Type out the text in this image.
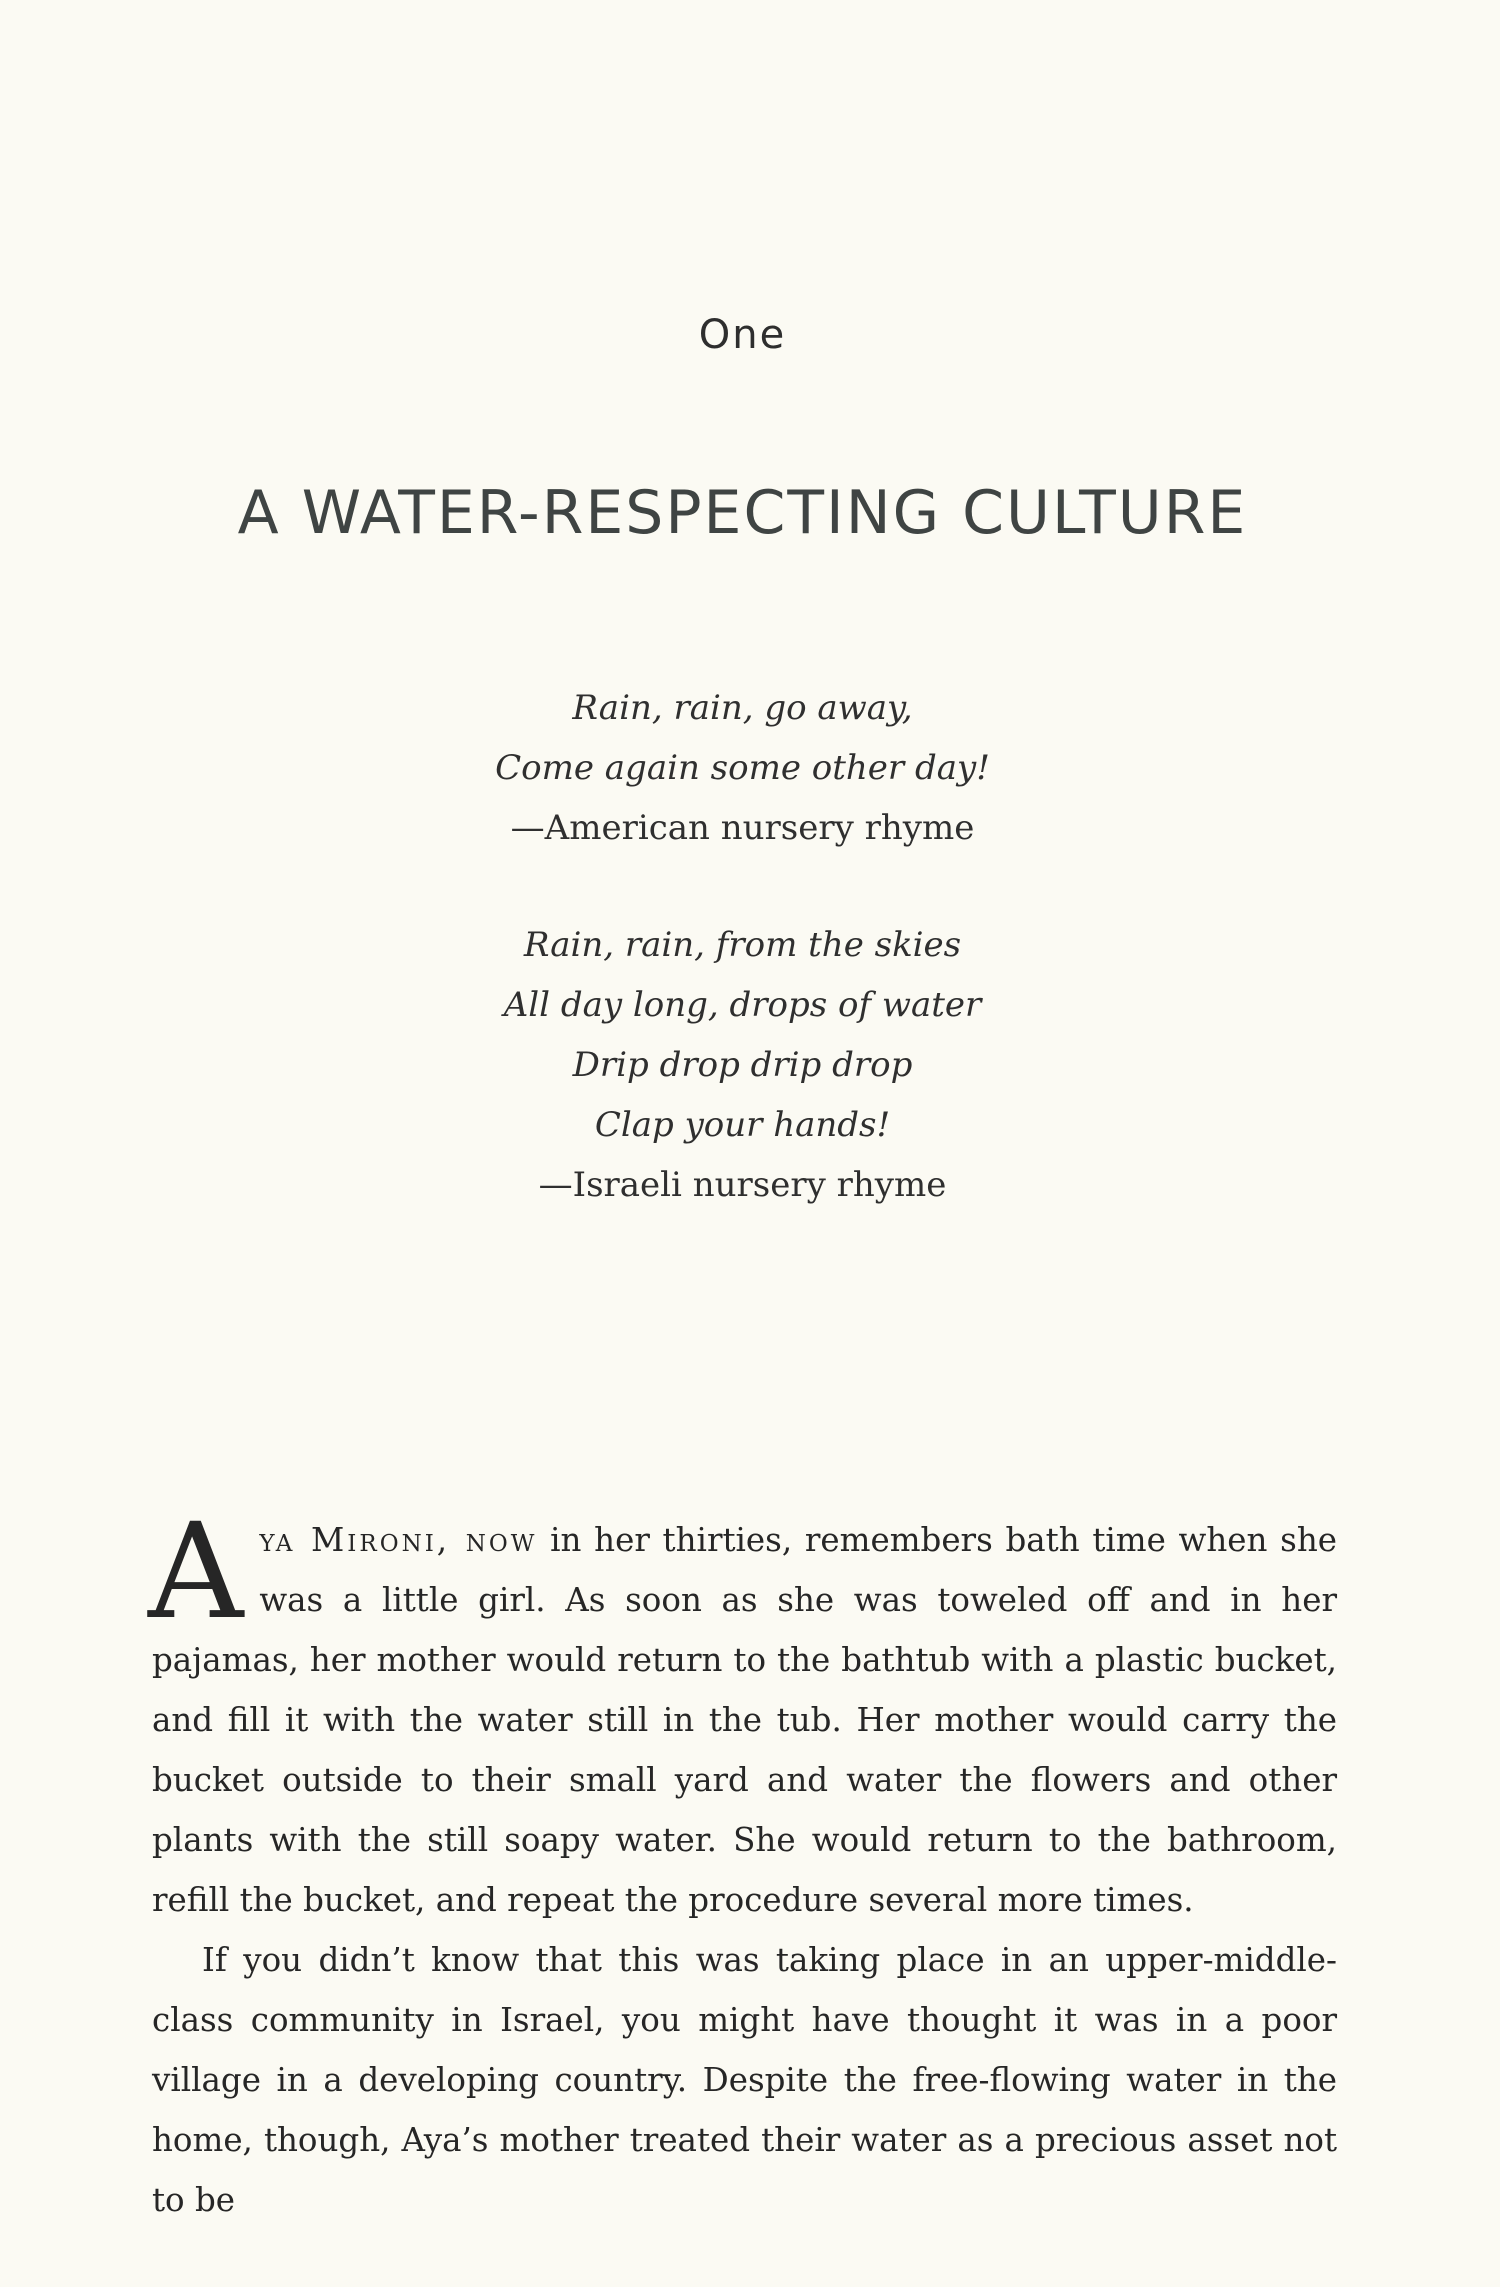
One
A WATER-RESPECTING CULTURE
Rain, rain, go away,
Come again some other day!
—American nursery rhyme
Rain, rain, from the skies
All day long, drops of water
Drip drop drip drop
Clap your hands!
—Israeli nursery rhyme

Aya Mironi, now in her thirties, remembers bath time when she was a little girl. As soon as she was toweled off and in her pajamas, her mother would return to the bathtub with a plastic bucket, and fill it with the water still in the tub. Her mother would carry the bucket outside to their small yard and water the flowers and other plants with the still soapy water. She would return to the bathroom, refill the bucket, and repeat the procedure several more times.

If you didn’t know that this was taking place in an upper-middle-class community in Israel, you might have thought it was in a poor village in a developing country. Despite the free-flowing water in the home, though, Aya’s mother treated their water as a precious asset not to be
